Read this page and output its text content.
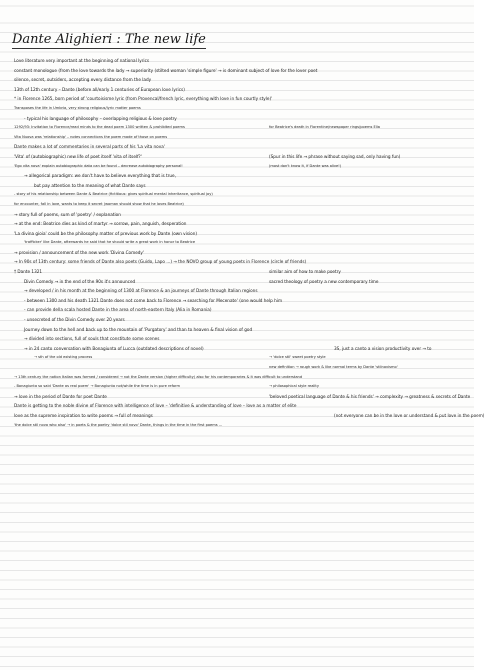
Dante Alighieri : The new life
Love literature very important at the beginning of national lyrics
constant monologue (from the love towards the lady → superiority (stilted woman 'simple figure' → is dominant subject of love for the lover poet
silence, secret, outsiders, accepting every distance from the lady
13th of 12th century – Dante (before all/early 1 centuries of European love lyrics)
* in Florence 1265, born period of 'courtoisisme lyric (from Provencal/french lyric, everything with love in fun courtly style)'
Transposes the life in Umbria, very strong religious/lyric matter poems
- typical his language of philosophy – overlapping religious & love poetry
1292/93: Invitation to Florence/read minds to the dead poem 1300 written & prohibited poems	for Beatrice's death in Florentine/newspaper rings/poems Elia
Vita Nuova was 'relationship' – notes connections the poem made of those on poems
Dante makes a lot of commentaries in several parts of his 'La vita nova'
'Vita' of (autobiographic) new life of poet itself 'vita of itself?'	(Spur in this life → phrase without saying sad, only having fun)
'Ego vita nova' explain autobiographic data can be found – decrease autobiography personal!	(most don't know it, if Dante was alive!)
→ allegorical paradigm: we don't have to believe everything that is true,
but pay attention to the meaning of what Dante says
- story of his relationship between Dante & Beatrice (fictitious: gives spiritual mental inheritance, spiritual joy)
for encounter, fall in love, wants to keep it secret (woman should show that he loves Beatrice)
→ story full of poems, sum of 'poetry' / explanation
→ at the end: Beatrice dies as kind of martyr → sorrow, pain, anguish, desperation
'La divina gioia' could be the philosophy matter of previous work by Dante (own vision)
'trafficker' like Dante, afterwards he said that he should write a great work in honor to Beatrice
→ provision / announcement of the new work 'Divina Comedy'
→ In 90s of 13th century: some friends of Dante also poets (Guido, Lapo ...) → the NOVO group of young poets in Florence (circle of friends)
† Dante 1321	similar aim of how to make poetry
Divin Comedy → in the end of the 90s it's announced	sacred theology of poetry a new contemporary time
→ developed / in his month at the beginning of 1300 at Florence & an journeys of Dante through Italian regions
- between 1300 and his death 1321 Dante does not come back to Florence → searching for Mecenate' (one would help him
- can provide della scala hosted Dante in the area of north-eastern Italy (Alia in Romania)
- unsecreted of the Divin Comedy over 20 years
Journey down to the hell and back up to the mountain of 'Purgatory' and than to heaven & final vision of god
→ divided into sections, full of souls that constitute some scenes
→ in 24 canto conversation with Bonagiunta of Lucca (outdated descriptions of novel)	3S, just a canto a vision productivity over → to
→ sth of the old existing process	→ 'dolce stil' sweet poetry style
new definition → rough work & like normal terms by Dante 'stilnovismo'
→ 13th century the notion Italian was formed / considered → not the Dante version (higher difficulty) also for his contemporaries & it was difficult to understand
- Bonagiunta so said 'Dante as real poem' → Bonagiunta not/while the time is in pure reform	→ philosophical style reality
→ love in the period of Dante for poet Dante	'beloved poetical language of Dante & his friends' → complexity → greatness & secrets of Dante
Dante is getting to the noble divine of Florence with intelligence of love – 'definitive & understanding of love – love as a matter of elite
love as the supreme inspiration to write poems → full of meanings	(not everyone can be in the love or understand & put love in the poem)
'the dolce stil novo who also' → in poets & the poetry 'dolce stil novo' Dante, things in the time in the first poems ...
